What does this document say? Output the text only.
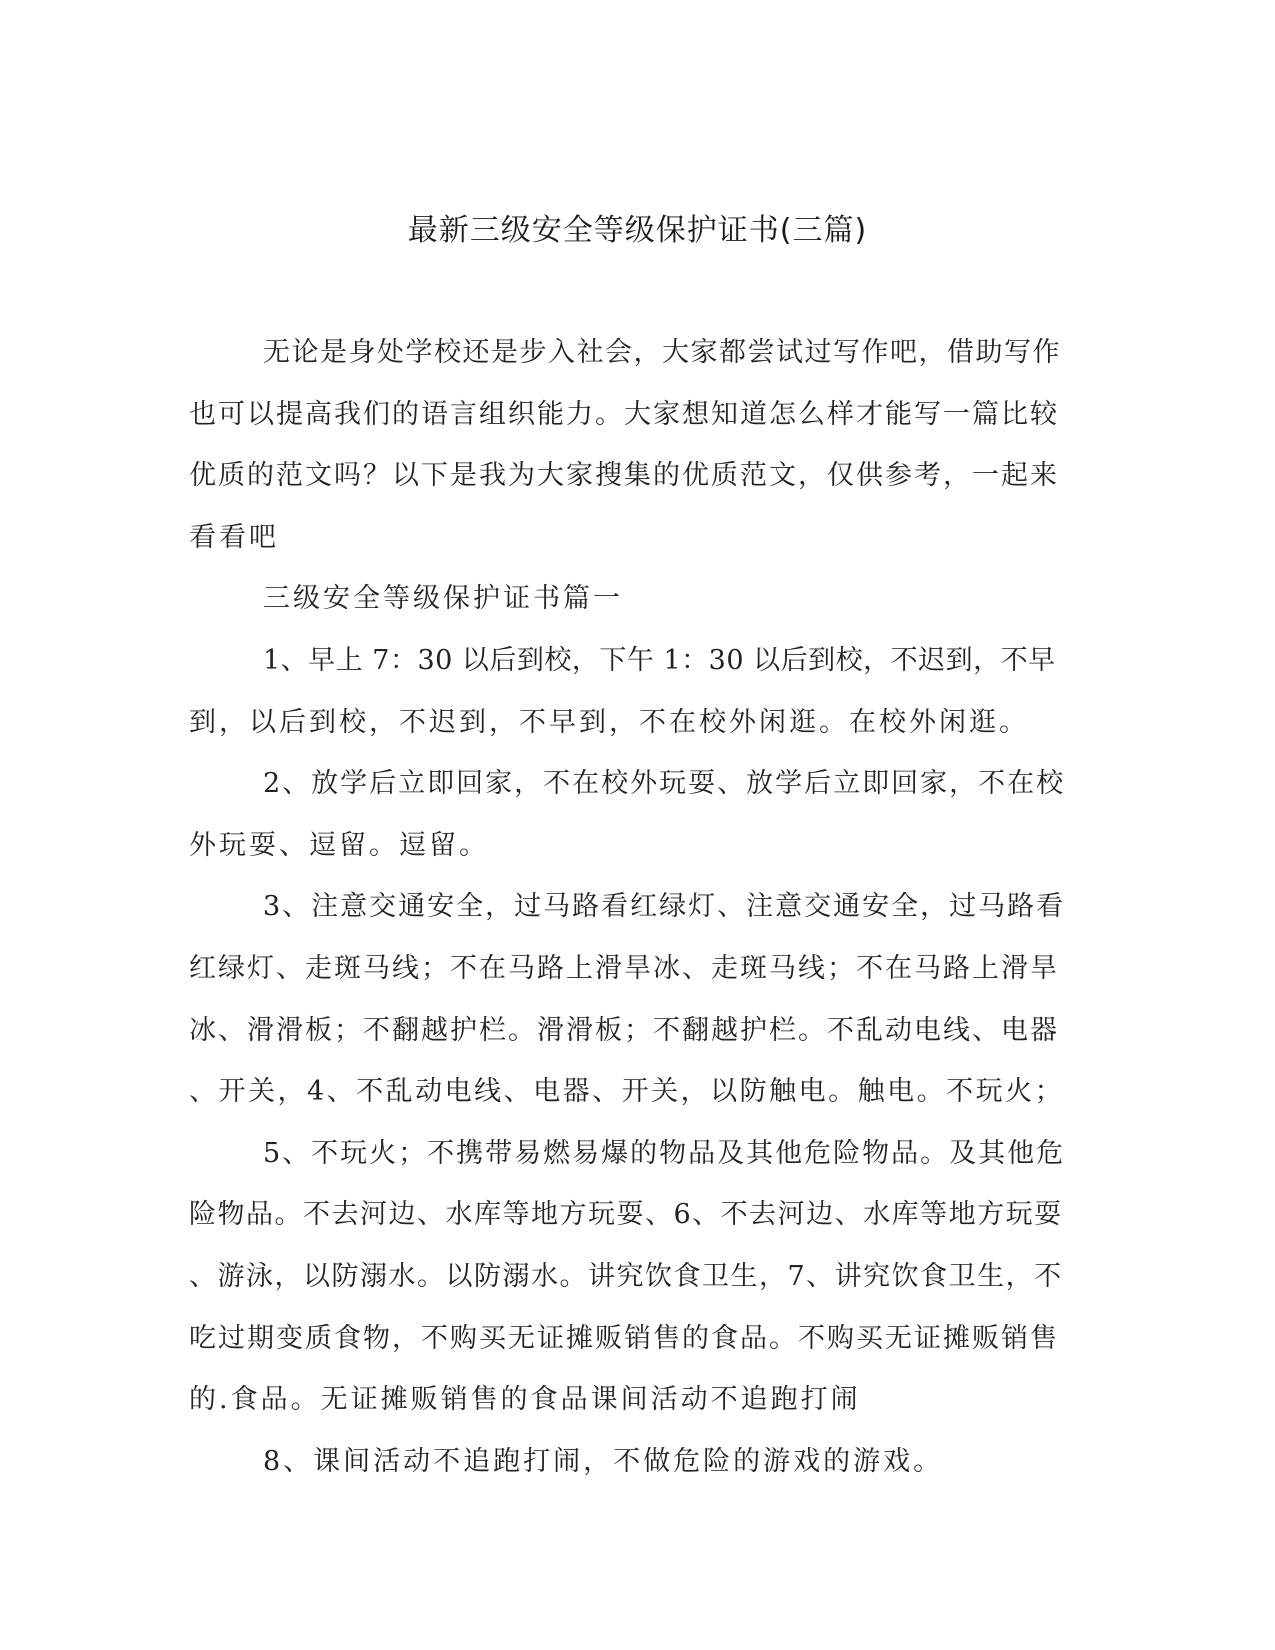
最新三级安全等级保护证书(三篇)
无论是身处学校还是步入社会，大家都尝试过写作吧，借助写作
也可以提高我们的语言组织能力。大家想知道怎么样才能写一篇比较
优质的范文吗？以下是我为大家搜集的优质范文，仅供参考，一起来
看看吧
三级安全等级保护证书篇一
1、早上 7：30 以后到校，下午 1：30 以后到校，不迟到，不早
到，以后到校，不迟到，不早到，不在校外闲逛。在校外闲逛。
2、放学后立即回家，不在校外玩耍、放学后立即回家，不在校
外玩耍、逗留。逗留。
3、注意交通安全，过马路看红绿灯、注意交通安全，过马路看
红绿灯、走斑马线；不在马路上滑旱冰、走斑马线；不在马路上滑旱
冰、滑滑板；不翻越护栏。滑滑板；不翻越护栏。不乱动电线、电器
、开关，4、不乱动电线、电器、开关，以防触电。触电。不玩火；
5、不玩火；不携带易燃易爆的物品及其他危险物品。及其他危
险物品。不去河边、水库等地方玩耍、6、不去河边、水库等地方玩耍
、游泳，以防溺水。以防溺水。讲究饮食卫生，7、讲究饮食卫生，不
吃过期变质食物，不购买无证摊贩销售的食品。不购买无证摊贩销售
的.食品。无证摊贩销售的食品课间活动不追跑打闹
8、课间活动不追跑打闹，不做危险的游戏的游戏。
